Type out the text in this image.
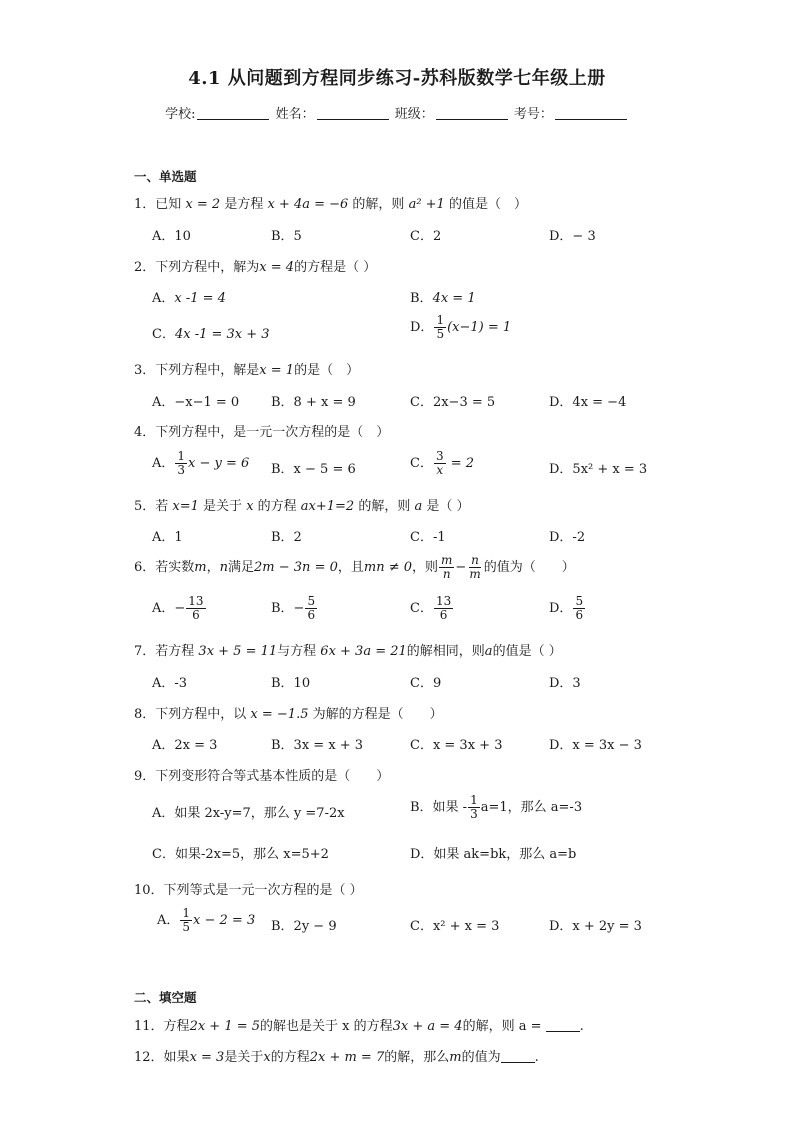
4.1 从问题到方程同步练习-苏科版数学七年级上册
学校:	姓名：	班级：	考号：
一、单选题
1．已知 x = 2 是方程 x + 4a = −6 的解，则 a² +1 的值是（　）
A．10	B．5	C．2	D．− 3
2．下列方程中，解为x = 4的方程是（ ）
A．x -1 = 4	B．4x = 1
C．4x -1 = 3x + 3	D． $\frac{1}{5} (x-1) = 1$
3．下列方程中，解是x = 1的是（　）
A．−x−1 = 0 B．8 + x = 9	C．2x−3 = 5	D．4x = −4
4．下列方程中，是一元一次方程的是（　）
A． $\frac{1}{3}$ x − y = 6 B．x − 5 = 6	C． $\frac{3}{x} = 2$	D．5x² + x = 3
5．若 x=1 是关于 x 的方程 ax+1=2 的解，则 a 是（ ）
A．1	B．2	C．-1	D．-2
6．若实数m，n满足2m − 3n = 0，且mn ≠ 0，则 $\frac{m}{n} - \frac{n}{m}$ 的值为（　　）
A．− $\frac{13}{6}$	B．− $\frac{5}{6}$	C． $\frac{13}{6}$	D． $\frac{5}{6}$
7．若方程 3x + 5 = 11与方程 6x + 3a = 21的解相同，则a的值是（ ）
A．-3	B．10	C．9	D．3
8．下列方程中，以 x = −1.5 为解的方程是（　　）
A．2x = 3	B．3x = x + 3	C．x = 3x + 3	D．x = 3x − 3
9．下列变形符合等式基本性质的是（　　）
A．如果 2x-y=7，那么 y =7-2x	B．如果 - $\frac{1}{3} a=1$，那么 a=-3
C．如果-2x=5，那么 x=5+2	D．如果 ak=bk，那么 a=b
10．下列等式是一元一次方程的是（ ）
A． $\frac{1}{5}$ x − 2 = 3 B．2y − 9	C．x² + x = 3	D．x + 2y = 3
二、填空题
11．方程2x + 1 = 5的解也是关于 x 的方程3x + a = 4的解，则 a =	.
12．如果x = 3是关于x的方程2x + m = 7的解，那么m的值为	.
